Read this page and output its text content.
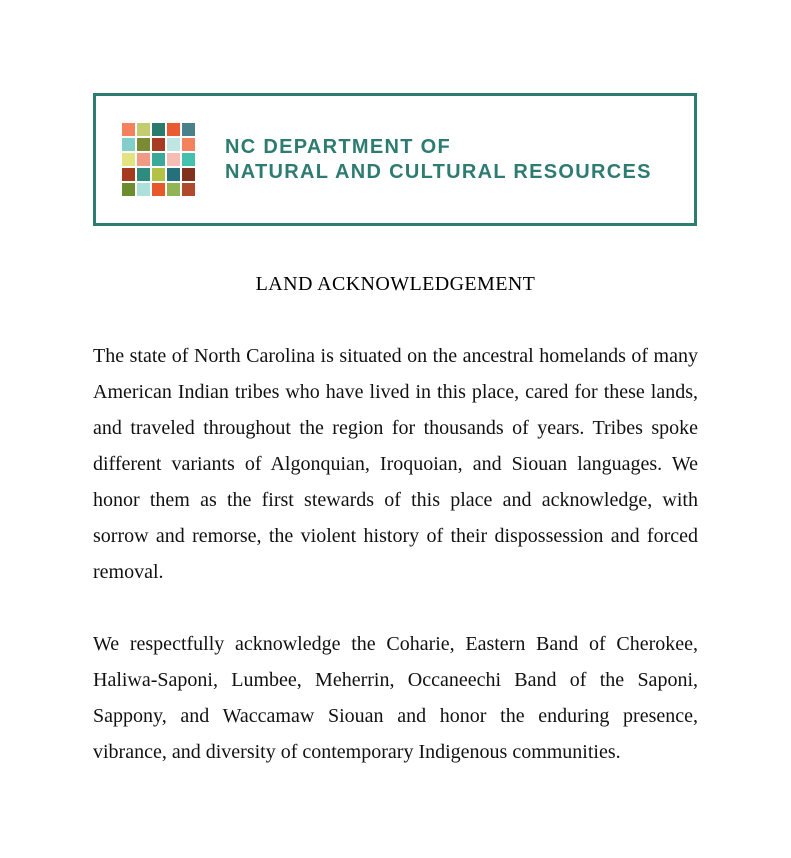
NC DEPARTMENT OF
NATURAL AND CULTURAL RESOURCES
LAND ACKNOWLEDGEMENT

The state of North Carolina is situated on the ancestral homelands of many American Indian tribes who have lived in this place, cared for these lands, and traveled throughout the region for thousands of years. Tribes spoke different variants of Algonquian, Iroquoian, and Siouan languages. We honor them as the first stewards of this place and acknowledge, with sorrow and remorse, the violent history of their dispossession and forced removal.

We respectfully acknowledge the Coharie, Eastern Band of Cherokee, Haliwa-Saponi, Lumbee, Meherrin, Occaneechi Band of the Saponi, Sappony, and Waccamaw Siouan and honor the enduring presence, vibrance, and diversity of contemporary Indigenous communities.
